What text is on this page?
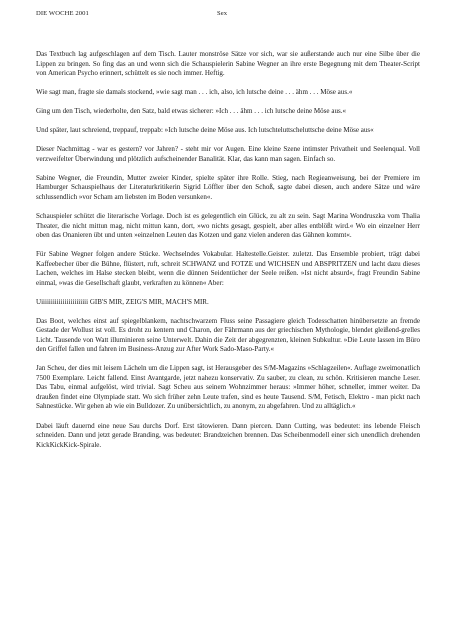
DIE WOCHE 2001	Sex

Das Textbuch lag aufgeschlagen auf dem Tisch. Lauter monströse Sätze vor sich, war sie außerstande auch nur eine Silbe über die Lippen zu bringen. So fing das an und wenn sich die Schauspielerin Sabine Wegner an ihre erste Begegnung mit dem Theater-Script von American Psycho erinnert, schüttelt es sie noch immer. Heftig.

Wie sagt man, fragte sie damals stockend, »wie sagt man . . . ich, also, ich lutsche deine . . . ähm . . . Möse aus.«

Ging um den Tisch, wiederholte, den Satz, bald etwas sicherer: »Ich . . . ähm . . . ich lutsche deine Möse aus.«

Und später, laut schreiend, treppauf, treppab: »Ich lutsche deine Möse aus. Ich lutschteluttscheluttsche deine Möse aus«

Dieser Nachmittag - war es gestern? vor Jahren? - steht mir vor Augen. Eine kleine Szene intimster Privatheit und Seelenqual. Voll verzweifelter Überwindung und plötzlich aufscheinender Banalität. Klar, das kann man sagen. Einfach so.

Sabine Wegner, die Freundin, Mutter zweier Kinder, spielte später ihre Rolle. Stieg, nach Regieanweisung, bei der Premiere im Hamburger Schauspielhaus der Literaturkritikerin Sigrid Löffler über den Schoß, sagte dabei diesen, auch andere Sätze und wäre schlussendlich »vor Scham am liebsten im Boden versunken«.

Schauspieler schützt die literarische Vorlage. Doch ist es gelegentlich ein Glück, zu alt zu sein. Sagt Marina Wondruszka vom Thalia Theater, die nicht mittun mag, nicht mittun kann, dort, »wo nichts gesagt, gespielt, aber alles entblößt wird.« Wo ein einzelner Herr oben das Onanieren übt und unten »einzelnen Leuten das Kotzen und ganz vielen anderen das Gähnen kommt«.

Für Sabine Wegner folgen andere Stücke. Wechselndes Vokabular. Haltestelle.Geister. zuletzt. Das Ensemble probiert, trägt dabei Kaffeebecher über die Bühne, flüstert, ruft, schreit SCHWANZ und FOTZE und WICHSEN und ABSPRITZEN und lacht dazu dieses Lachen, welches im Halse stecken bleibt, wenn die dünnen Seidentücher der Seele reißen. »Ist nicht absurd«, fragt Freundin Sabine einmal, »was die Gesellschaft glaubt, verkraften zu können« Aber:

Uiiiiiiiiiiiiiiiiiiiiiiii GIB'S MIR, ZEIG'S MIR, MACH'S MIR.

Das Boot, welches einst auf spiegelblankem, nachtschwarzem Fluss seine Passagiere gleich Todesschatten hinübersetzte an fremde Gestade der Wollust ist voll. Es droht zu kentern und Charon, der Fährmann aus der griechischen Mythologie, blendet gleißend-grelles Licht. Tausende von Watt illuminieren seine Unterwelt. Dahin die Zeit der abgegrenzten, kleinen Subkultur. »Die Leute lassen im Büro den Griffel fallen und fahren im Business-Anzug zur After Work Sado-Maso-Party.«

Jan Scheu, der dies mit leisem Lächeln um die Lippen sagt, ist Herausgeber des S/M-Magazins »Schlagzeilen«. Auflage zweimonatlich 7500 Exemplare. Leicht fallend. Einst Avantgarde, jetzt nahezu konservativ. Zu sauber, zu clean, zu schön. Kritisieren manche Leser. Das Tabu, einmal aufgelöst, wird trivial. Sagt Scheu aus seinem Wohnzimmer heraus: »Immer höher, schneller, immer weiter. Da draußen findet eine Olympiade statt. Wo sich früher zehn Leute trafen, sind es heute Tausend. S/M, Fetisch, Elektro - man pickt nach Sahnestücke. Wir gehen ab wie ein Bulldozer. Zu unübersichtlich, zu anonym, zu abgefahren. Und zu alltäglich.«

Dabei läuft dauernd eine neue Sau durchs Dorf. Erst tätowieren. Dann piercen. Dann Cutting, was bedeutet: ins lebende Fleisch schneiden. Dann und jetzt gerade Branding, was bedeutet: Brandzeichen brennen. Das Scheibenmodell einer sich unendlich drehenden KickKickKick-Spirale.
